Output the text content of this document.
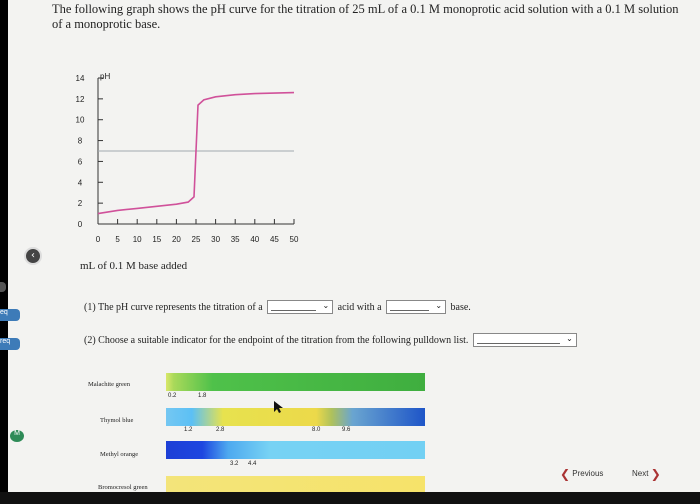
The following graph shows the pH curve for the titration of 25 mL of a 0.1 M monoprotic acid solution with a 0.1 M solution of a monoprotic base.
0
2
4
6
8
10
12
14 pH
0 5 10 15 20 25 30 35 40 45 50
mL of 0.1 M base added
(1) The pH curve represents the titration of a	⌄ acid with a	⌄ base.
(2) Choose a suitable indicator for the endpoint of the titration from the following pulldown list.	⌄
Malachite green
0.2	1.8
Thymol blue
1.2	2.8	8.0	9.6
Methyl orange
3.2 4.4
Bromocresol green
❮ Previous	Next ❯
‹
eq
req
M
